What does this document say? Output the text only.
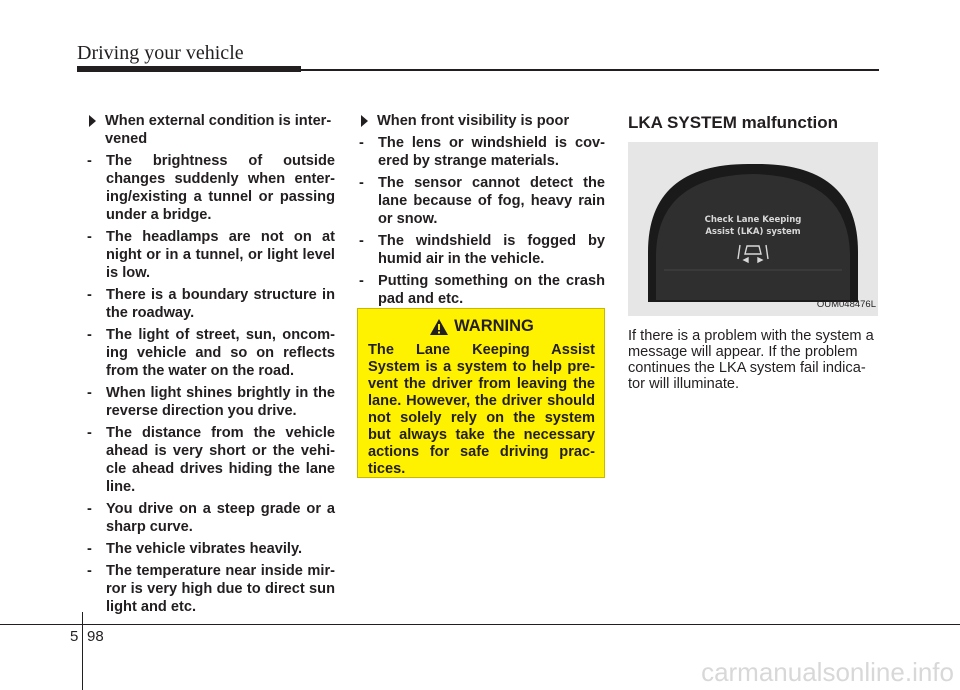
Driving your vehicle
When external condition is inter-vened
- The brightness of outside changes suddenly when enter-ing/existing a tunnel or passing under a bridge.
- The headlamps are not on at night or in a tunnel, or light level is low.
- There is a boundary structure in the roadway.
- The light of street, sun, oncom-ing vehicle and so on reflects from the water on the road.
- When light shines brightly in the reverse direction you drive.
- The distance from the vehicle ahead is very short or the vehi-cle ahead drives hiding the lane line.
- You drive on a steep grade or a sharp curve.
- The vehicle vibrates heavily.
- The temperature near inside mir-ror is very high due to direct sun light and etc.
When front visibility is poor
- The lens or windshield is cov-ered by strange materials.
- The sensor cannot detect the lane because of fog, heavy rain or snow.
- The windshield is fogged by humid air in the vehicle.
- Putting something on the crash pad and etc.
WARNING
The Lane Keeping Assist System is a system to help pre-vent the driver from leaving the lane. However, the driver should not solely rely on the system but always take the necessary actions for safe driving prac-tices.
LKA SYSTEM malfunction
Check Lane Keeping
Assist (LKA) system
OUM048476L
If there is a problem with the system a message will appear. If the problem continues the LKA system fail indica-tor will illuminate.
5 98
carmanualsonline.info
